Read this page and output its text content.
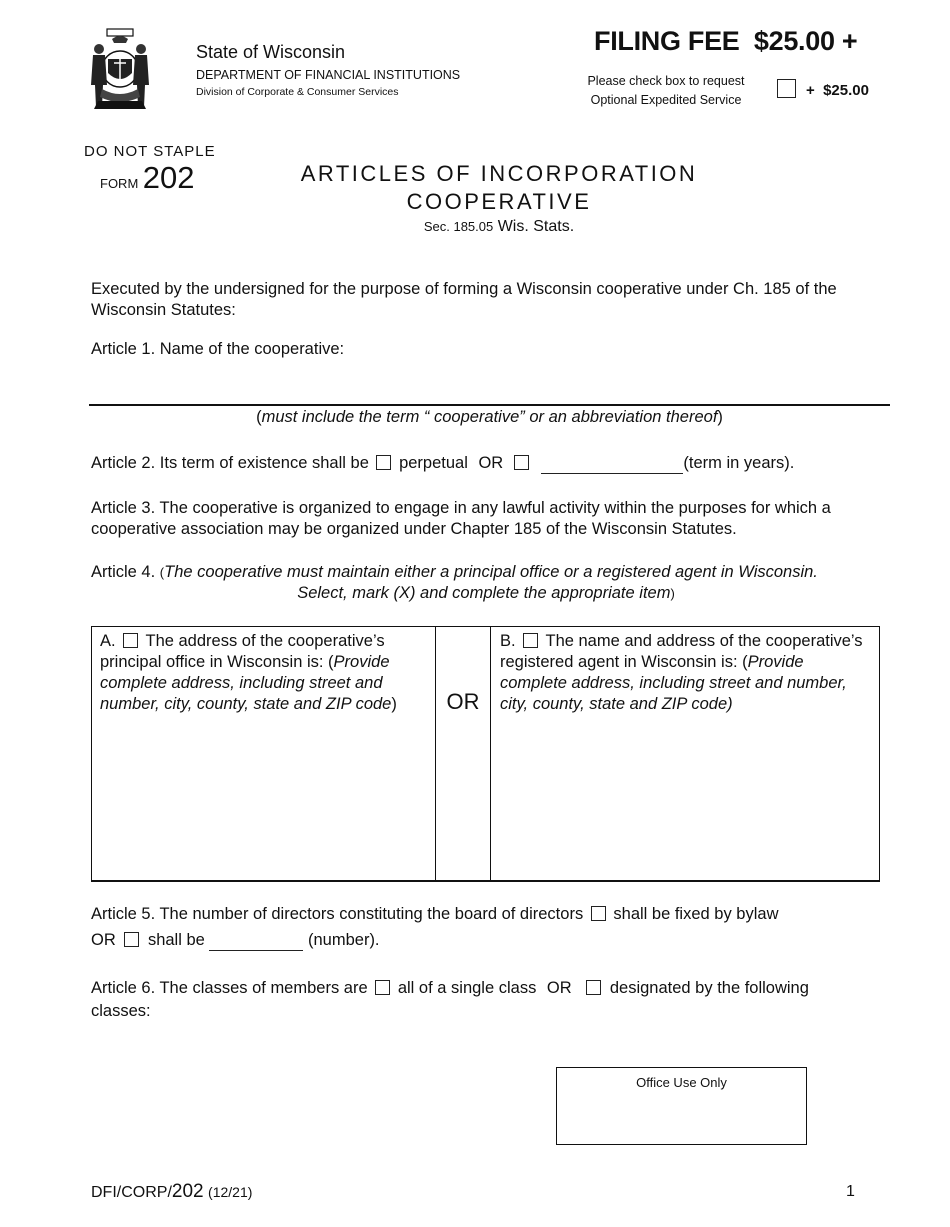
State of Wisconsin
DEPARTMENT OF FINANCIAL INSTITUTIONS
Division of Corporate & Consumer Services
FILING FEE  $25.00 +
Please check box to request
Optional Expedited Service
+  $25.00
DO NOT STAPLE
FORM 202	ARTICLES OF INCORPORATION
COOPERATIVE
Sec. 185.05 Wis. Stats.
Executed by the undersigned for the purpose of forming a Wisconsin cooperative under Ch. 185 of the Wisconsin Statutes:
Article 1. Name of the cooperative:
(must include the term “ cooperative” or an abbreviation thereof)
Article 2. Its term of existence shall be perpetual OR	(term in years).
Article 3. The cooperative is organized to engage in any lawful activity within the purposes for which a cooperative association may be organized under Chapter 185 of the Wisconsin Statutes.
Article 4. (The cooperative must maintain either a principal office or a registered agent in Wisconsin.
Select, mark (X) and complete the appropriate item)
A. The address of the cooperative’s principal office in Wisconsin is: (Provide complete address, including street and number, city, county, state and ZIP code)	OR
B. The name and address of the cooperative’s registered agent in Wisconsin is: (Provide complete address, including street and number, city, county, state and ZIP code)
Article 5. The number of directors constituting the board of directors shall be fixed by bylaw
OR shall be	(number).
Article 6. The classes of members are all of a single class OR designated by the following
classes:
Office Use Only
DFI/CORP/202 (12/21)	1
